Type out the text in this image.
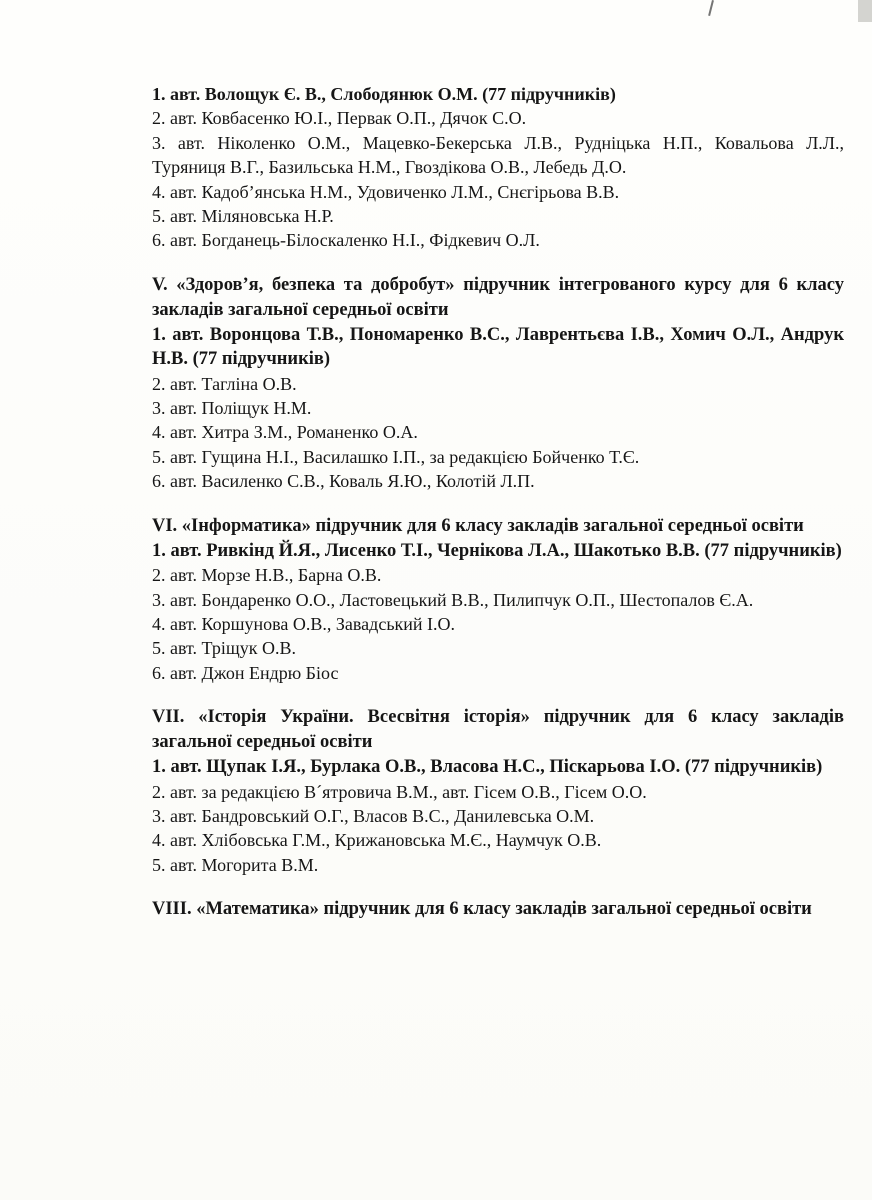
1. авт. Волощук Є. В., Слободянюк О.М. (77 підручників)
2. авт. Ковбасенко Ю.І., Первак О.П., Дячок С.О.
3. авт. Ніколенко О.М., Мацевко-Бекерська Л.В., Рудніцька Н.П., Ковальова Л.Л., Туряниця В.Г., Базильська Н.М., Гвоздікова О.В., Лебедь Д.О.
4. авт. Кадоб’янська Н.М., Удовиченко Л.М., Снєгірьова В.В.
5. авт. Міляновська Н.Р.
6. авт. Богданець-Білоскаленко Н.І., Фідкевич О.Л.
V. «Здоров’я, безпека та добробут» підручник інтегрованого курсу для 6 класу закладів загальної середньої освіти
1. авт. Воронцова Т.В., Пономаренко В.С., Лаврентьєва І.В., Хомич О.Л., Андрук Н.В. (77 підручників)
2. авт. Таглiна О.В.
3. авт. Поліщук Н.М.
4. авт. Хитра З.М., Романенко О.А.
5. авт. Гущина Н.І., Василашко І.П., за редакцією Бойченко Т.Є.
6. авт. Василенко С.В., Коваль Я.Ю., Колотій Л.П.
VI. «Інформатика» підручник для 6 класу закладів загальної середньої освіти
1. авт. Ривкінд Й.Я., Лисенко Т.І., Чернікова Л.А., Шакотько В.В. (77 підручників)
2. авт. Морзе Н.В., Барна О.В.
3. авт. Бондаренко О.О., Ластовецький В.В., Пилипчук О.П., Шестопалов Є.А.
4. авт. Коршунова О.В., Завадський І.О.
5. авт. Тріщук О.В.
6. авт. Джон Ендрю Біос
VII. «Історія України. Всесвітня історія» підручник для 6 класу закладів загальної середньої освіти
1. авт. Щупак І.Я., Бурлака О.В., Власова Н.С., Піскарьова І.О. (77 підручників)
2. авт. за редакцією В´ятровича В.М., авт. Гісем О.В., Гісем О.О.
3. авт. Бандровський О.Г., Власов В.С., Данилевська О.М.
4. авт. Хлібовська Г.М., Крижановська М.Є., Наумчук О.В.
5. авт. Могорита В.М.
VIII. «Математика» підручник для 6 класу закладів загальної середньої освіти
